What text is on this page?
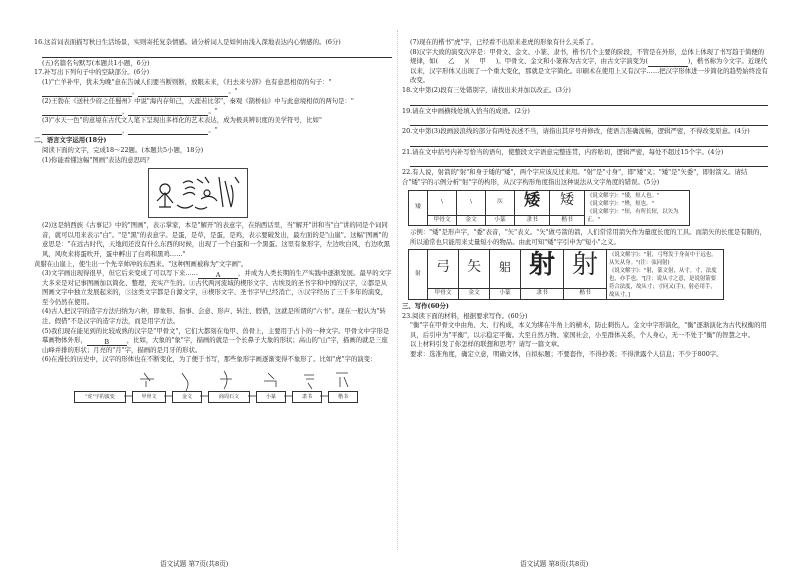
16.这首词表面描写秋日生活场景，实则寄托复杂情感。请分析词人是如何由浅入深地表达内心情感的。(6分)

(五)名篇名句默写(本题共1小题，6分)

17.补写出下列句子中的空缺部分。(6分)

(1)"亡羊补牢，犹未为晚"意在告诫人们要当断则断，放眼未来，《归去来兮辞》也有意思相似的句子："，	。"

(2)王勃在《送杜少府之任蜀州》中说"海内存知己，天涯若比邻"，秦观《鹊桥仙》中与此意境相似的两句是："，	。"

(3)"水天一色"的意境在古代文人笔下呈现出多样化的艺术表达，成为极具辨识度的美学符号，比如"，	。"

二、语言文字运用(18分)

阅读下面的文字，完成18～22题。(本题共5小题，18分)

(1)你能看懂这幅"图画"表达的意思吗？

(2)这是纳西族《古事记》中的"图画"，表示掌家，本是"解开"的表意字，在纳西话里，当"解开"讲和当"白"讲的同是个词同音，就可以用来表示"白"。"是"黑"的表意字。是蛋，是草，是蛋，是鸡，表示要破发出，最左面的是"山崖"。这幅"图画"的意思是："在远古时代，天地间还没有什么东西的时候，出现了一个白蛋和一个黑蛋。这里有象形字，左边吹白风，右边吹黑风，风吹来将蛋吹开，蛋中孵出了白鸡和黑鸡……"

黄腊在山崖上，使生出一个先辛帅冲的东西来。"这种图画被称为"文字画"。

(3)文字画出现得很早，但它后来变成了可以写下来……	A	，并成为人类长期的生产实践中逐渐发展。最早的文字大多来是对记事图画加以简化、整理，充实产生的。①古代两河流域的楔形文字、古埃及的圣书字和中国的汉字，②都是从图画文字中独立发展起来的，③这类文字都是自源文字，④楔形文字、圣书字早已经消亡，⑤汉字经历了三千多年的演变，至今仍然在使用。

(4)古人把汉字的造字方法归纳为六种，即象形、指事、会意、形声、转注、假借，这就是所谓的"六书"。现在一般认为"转注、假借"不是汉字的造字方法，而是用字方法。

(5)我们现在能见到的比较成熟的汉字是"甲骨文"，它们大都刻在龟甲、兽骨上，主要用于占卜的一种文字。甲骨文中字形是摹画物体外形，	B	，比如，大象的"象"字，描画的就是一个长鼻子大象的形状；高山的"山"字，描画的就是三座山峰并排的形状；月亮的"月"字，描画的是月牙的形状。

(6)在漫长的历史中，汉字的形体也在不断变化，为了便于书写，那些象形字画逐渐变得不象形了。比如"虎"字的演变：

"虎"字的演变	甲骨文	金文	商周石文	小篆	隶书	楷书
语文试题 第7页(共8页)

(7)现在的楷书"虎"字，已经看不出原来老虎的形象有什么关系了。

(8)汉字大致的演变次序是：甲骨文、金文、小篆、隶书，楷书几个主要的阶段，不管是在外形，总体上体现了书写趋于简便的规律，如( 乙 )( 甲 )。甲骨文、金文和小篆称为古文字，由古文字演变为(	)，楷书称为今文字。近现代以来，汉字形体又出现了一个重大变化，那就是文字简化。印刷术在使用上又有汉字……把汉字形体进一步简化的趋势始终没有改变。

18.文中第(2)段有三处错别字，请找出来并加以改正。(3分)

19.请在文中画横线处填入恰当的成语。(2分)

20.文中第(3)段画波浪线的部分有两处表述不当，请指出其序号并修改，使语言准确流畅，逻辑严密，不得改变原意。(4分)

21.请在文中括号内补写恰当的语句，使整段文字语意完整连贯，内容贴切，逻辑严密，每处不超过15个字。(4分)

22.有人说，射箭的"射"和身子矮的"矮"，两个字应该反过来用。"射"是"寸身"，即"矮"义；"矮"是"矢委"，即射箭义。请结合"矮"字的示例分析"射"字的构形，从汉字构形角度指出这种说法从文字角度的错误。(5分)

矮	\	\	𥎦	矮	矮	《说文解字》："矮，短人也。"
《说文解字》："矬，短也。"
《说文解字》："短，有所长短，以矢为正。"
	甲骨文	金文	小篆	隶书	楷书	

示例："矮"是形声字，"委"表音，"矢"表义。"矢"做弓箭的箭，人们常常用箭矢作为量度长度的工具。而箭矢的长度是有限的，所以通常也只能用来丈量短小的物品。由此可知"矮"字引申为"短小"之义。

射	⼸	⽮	躳	射	射	《说文解字》："射，弓弩发于身而中于远也。从矢从身。"(注：弦同射)
《说文解字》："射，篆文射，从寸。寸，法度也，亦手也。"[注：说从寸之意，是说射箭要符合法度，故从寸；寸同又(手)，射必用手，故从寸。]
	甲骨文	金文	小篆	隶书	楷书	

三、写作(60分)

23.阅读下面的材料，根据要求写作。(60分)

"衡"字在甲骨文中由角、大、行构成，本义为绑在牛角上的横木，防止刺伤人。金文中字形演化，"衡"逐渐演化为古代权衡的用具，后引申为"平衡"，以示稳定平衡。大至自然万物、家国社会，小至群体关系，个人身心，无一不处于"衡"的智慧之中。

以上材料引发了你怎样的联想和思考？请写一篇文章。

要求：选准角度，确定立意，明确文体，自拟标题；不要套作，不得抄袭；不得泄露个人信息；不少于800字。

语文试题 第8页(共8页)
